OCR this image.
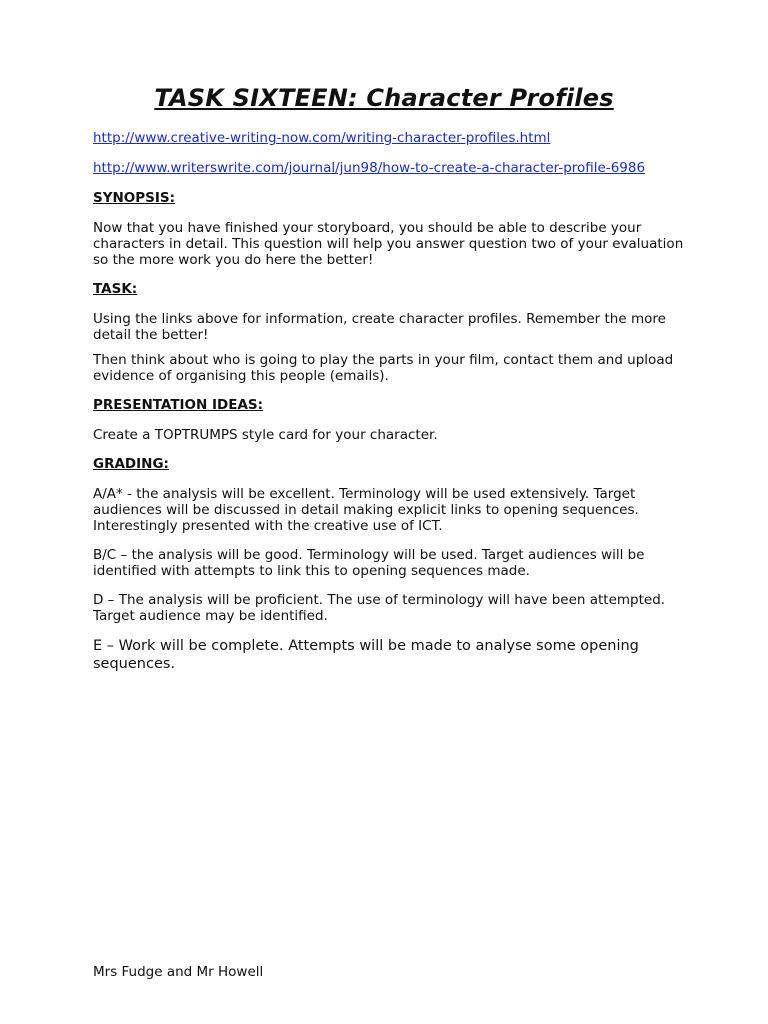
TASK SIXTEEN: Character Profiles
http://www.creative-writing-now.com/writing-character-profiles.html
http://www.writerswrite.com/journal/jun98/how-to-create-a-character-profile-6986
SYNOPSIS:
Now that you have finished your storyboard, you should be able to describe your characters in detail. This question will help you answer question two of your evaluation so the more work you do here the better!
TASK:
Using the links above for information, create character profiles. Remember the more detail the better!
Then think about who is going to play the parts in your film, contact them and upload evidence of organising this people (emails).
PRESENTATION IDEAS:
Create a TOPTRUMPS style card for your character.
GRADING:
A/A* - the analysis will be excellent. Terminology will be used extensively. Target audiences will be discussed in detail making explicit links to opening sequences. Interestingly presented with the creative use of ICT.
B/C – the analysis will be good. Terminology will be used. Target audiences will be identified with attempts to link this to opening sequences made.
D – The analysis will be proficient. The use of terminology will have been attempted. Target audience may be identified.
E – Work will be complete. Attempts will be made to analyse some opening sequences.
Mrs Fudge and Mr Howell
